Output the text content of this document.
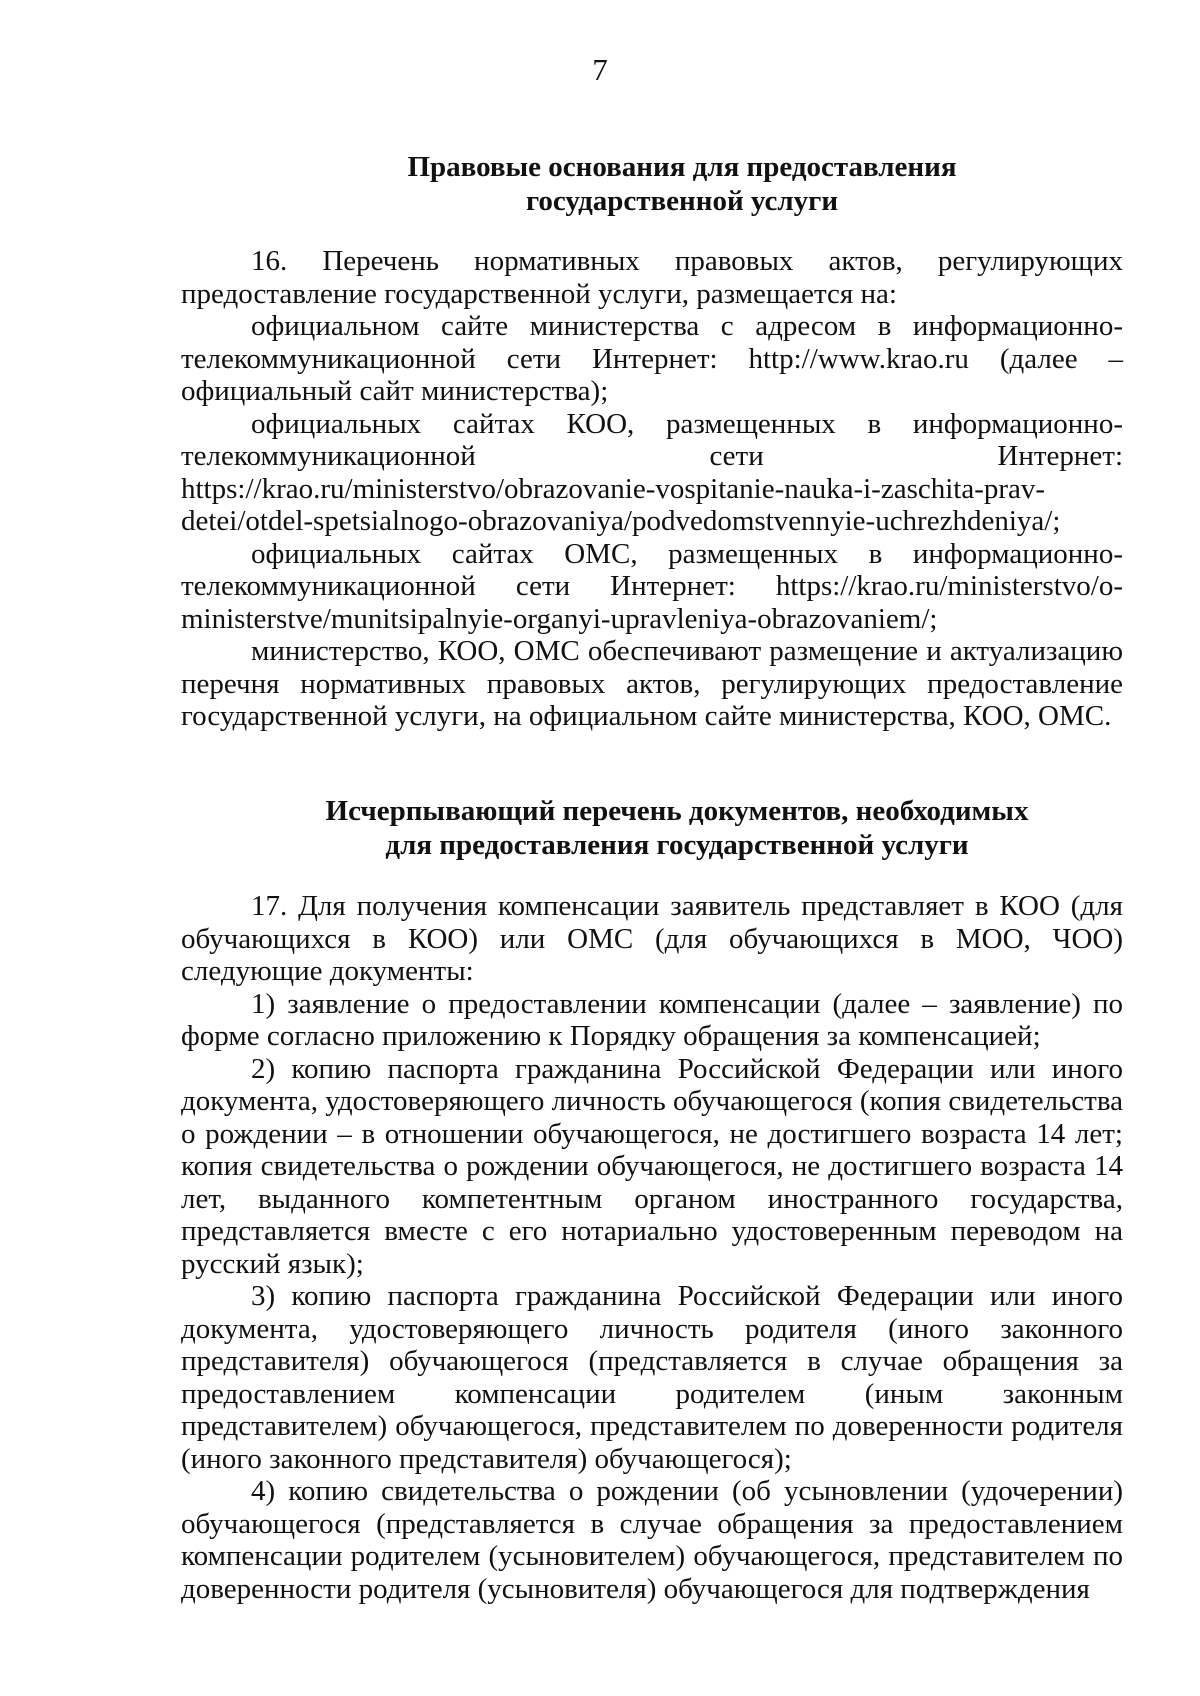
7
Правовые основания для предоставления
государственной услуги

16. Перечень нормативных правовых актов, регулирующих предоставление государственной услуги, размещается на:

официальном сайте министерства с адресом в информационно-телекоммуникационной сети Интернет: http://www.krao.ru (далее – официальный сайт министерства);

официальных сайтах КОО, размещенных в информационно-телекоммуникационной сети Интернет: https://krao.ru/ministerstvo/obrazovanie-vospitanie-nauka-i-zaschita-prav-detei/otdel-spetsialnogo-obrazovaniya/podvedomstvennyie-uchrezhdeniya/;

официальных сайтах ОМС, размещенных в информационно-телекоммуникационной сети Интернет: https://krao.ru/ministerstvo/o-ministerstve/munitsipalnyie-organyi-upravleniya-obrazovaniem/;

министерство, КОО, ОМС обеспечивают размещение и актуализацию перечня нормативных правовых актов, регулирующих предоставление государственной услуги, на официальном сайте министерства, КОО, ОМС.

Исчерпывающий перечень документов, необходимых
для предоставления государственной услуги

17. Для получения компенсации заявитель представляет в КОО (для обучающихся в КОО) или ОМС (для обучающихся в МОО, ЧОО) следующие документы:

1) заявление о предоставлении компенсации (далее – заявление) по форме согласно приложению к Порядку обращения за компенсацией;

2) копию паспорта гражданина Российской Федерации или иного документа, удостоверяющего личность обучающегося (копия свидетельства о рождении – в отношении обучающегося, не достигшего возраста 14 лет; копия свидетельства о рождении обучающегося, не достигшего возраста 14 лет, выданного компетентным органом иностранного государства, представляется вместе с его нотариально удостоверенным переводом на русский язык);

3) копию паспорта гражданина Российской Федерации или иного документа, удостоверяющего личность родителя (иного законного представителя) обучающегося (представляется в случае обращения за предоставлением компенсации родителем (иным законным представителем) обучающегося, представителем по доверенности родителя (иного законного представителя) обучающегося);

4) копию свидетельства о рождении (об усыновлении (удочерении) обучающегося (представляется в случае обращения за предоставлением компенсации родителем (усыновителем) обучающегося, представителем по доверенности родителя (усыновителя) обучающегося для подтверждения
